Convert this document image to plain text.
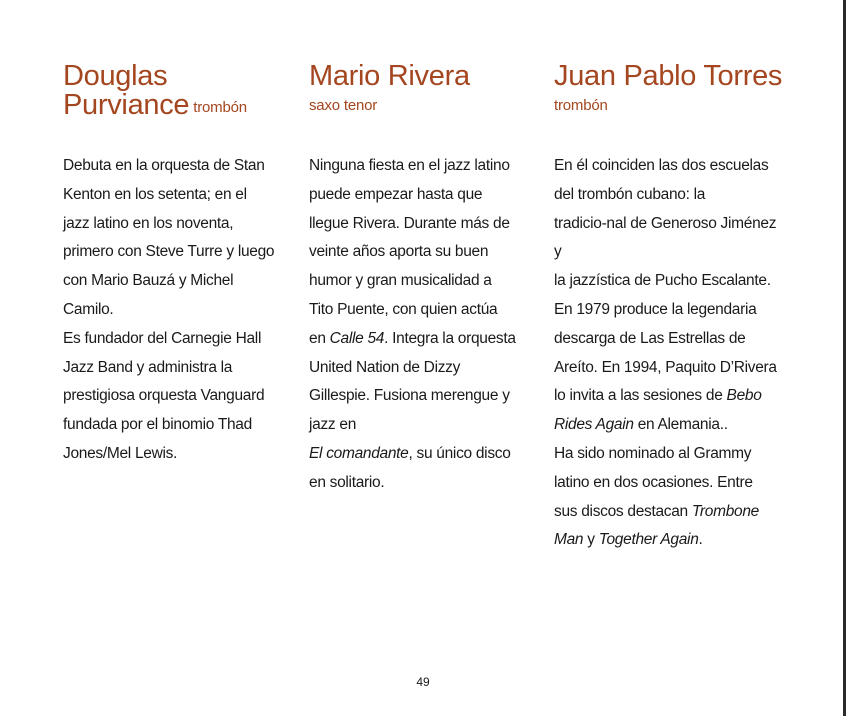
Douglas
Purviance trombón
Mario Rivera
saxo tenor
Juan Pablo Torres
trombón

Debuta en la orquesta de Stan
Kenton en los setenta; en el
jazz latino en los noventa,
primero con Steve Turre y luego
con Mario Bauzá y Michel
Camilo.
Es fundador del Carnegie Hall
Jazz Band y administra la
prestigiosa orquesta Vanguard
fundada por el binomio Thad
Jones/Mel Lewis.

Ninguna fiesta en el jazz latino
puede empezar hasta que
llegue Rivera. Durante más de
veinte años aporta su buen
humor y gran musicalidad a
Tito Puente, con quien actúa
en Calle 54. Integra la orquesta
United Nation de Dizzy
Gillespie. Fusiona merengue y
jazz en
El comandante, su único disco
en solitario.

En él coinciden las dos escuelas
del trombón cubano: la
tradicio-nal de Generoso Jiménez
y
la jazzística de Pucho Escalante.
En 1979 produce la legendaria
descarga de Las Estrellas de
Areíto. En 1994, Paquito D’Rivera
lo invita a las sesiones de Bebo
Rides Again en Alemania..
Ha sido nominado al Grammy
latino en dos ocasiones. Entre
sus discos destacan Trombone
Man y Together Again.

49
